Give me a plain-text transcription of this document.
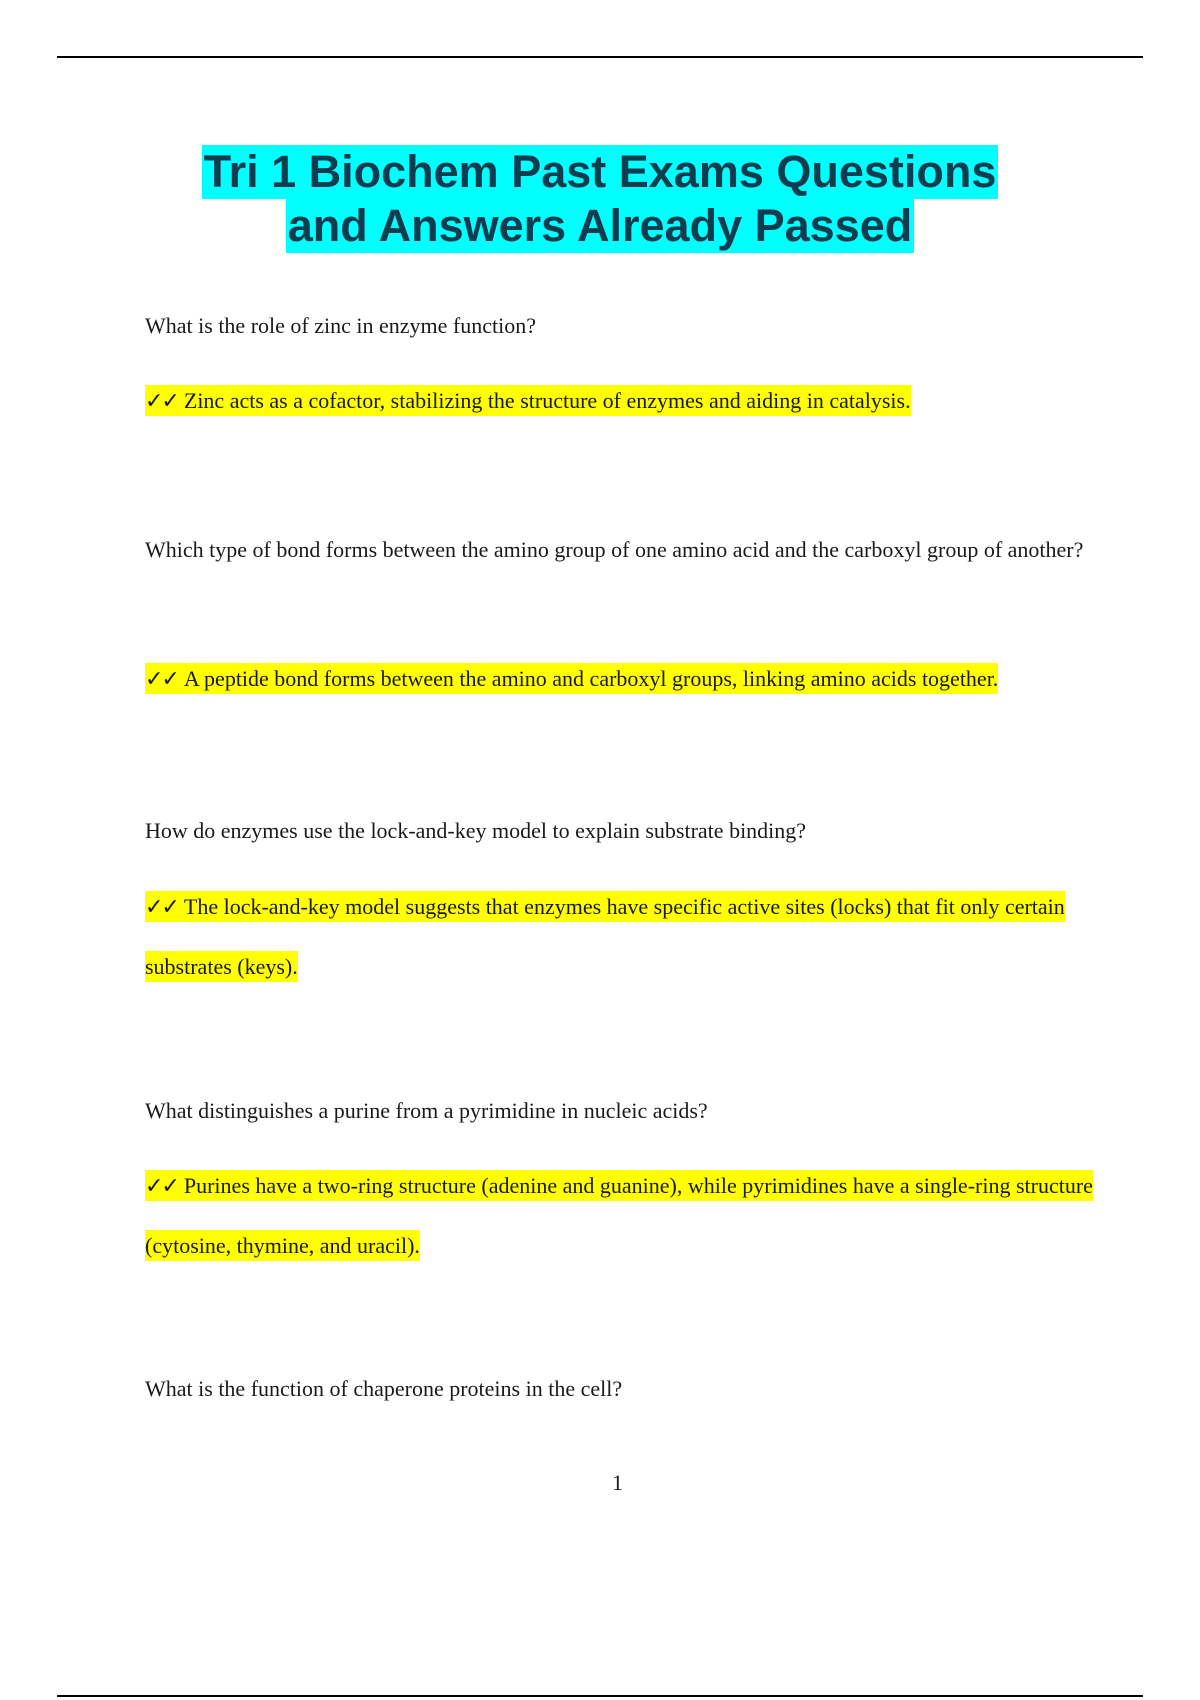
Tri 1 Biochem Past Exams Questions
and Answers Already Passed
What is the role of zinc in enzyme function?
✓✓ Zinc acts as a cofactor, stabilizing the structure of enzymes and aiding in catalysis.
Which type of bond forms between the amino group of one amino acid and the carboxyl group of another?
✓✓ A peptide bond forms between the amino and carboxyl groups, linking amino acids together.
How do enzymes use the lock-and-key model to explain substrate binding?
✓✓ The lock-and-key model suggests that enzymes have specific active sites (locks) that fit only certain substrates (keys).
What distinguishes a purine from a pyrimidine in nucleic acids?
✓✓ Purines have a two-ring structure (adenine and guanine), while pyrimidines have a single-ring structure (cytosine, thymine, and uracil).
What is the function of chaperone proteins in the cell?
1
